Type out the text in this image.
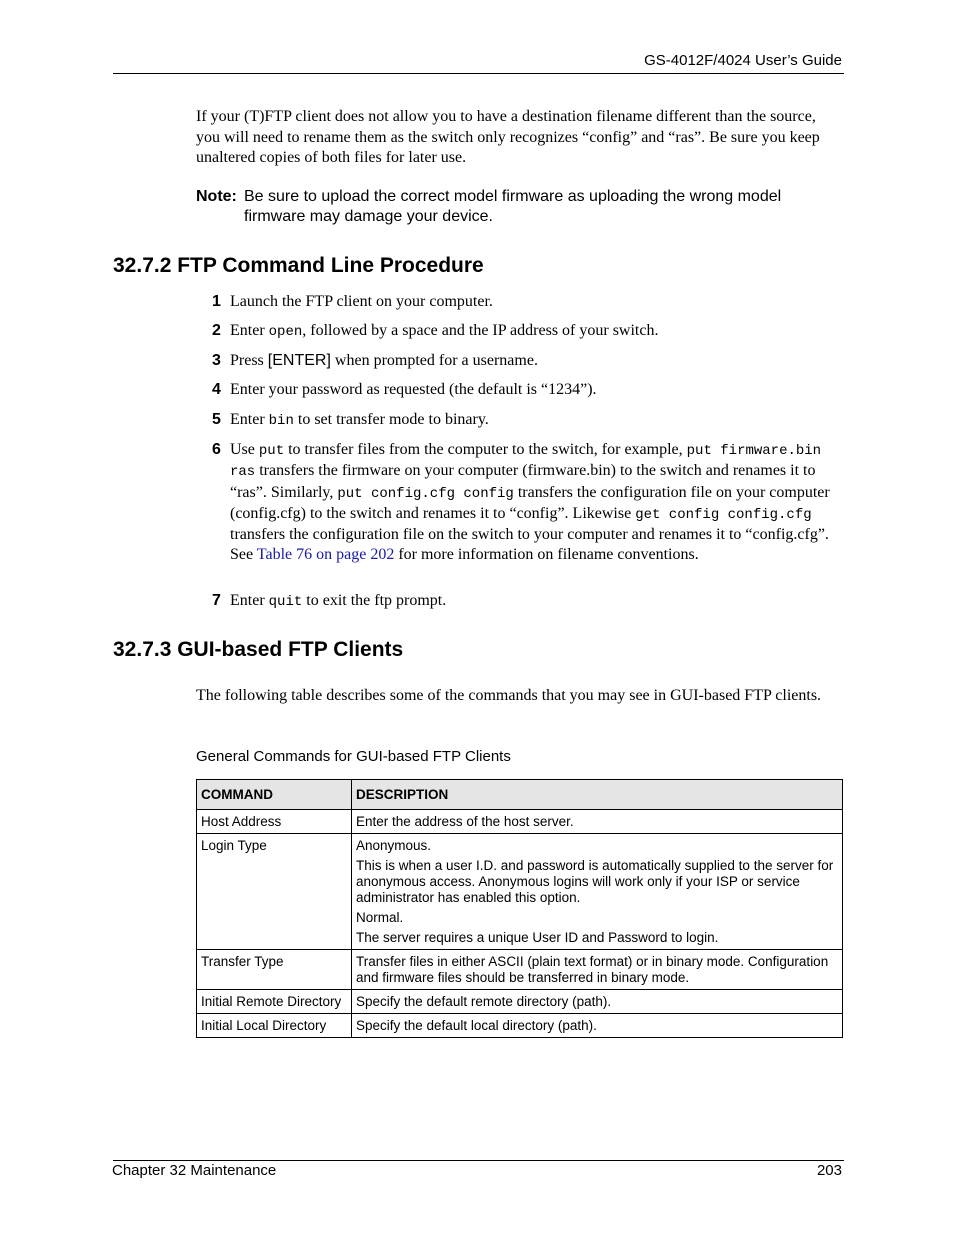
GS-4012F/4024 User’s Guide
If your (T)FTP client does not allow you to have a destination filename different than the source, you will need to rename them as the switch only recognizes “config” and “ras”. Be sure you keep unaltered copies of both files for later use.
Note: Be sure to upload the correct model firmware as uploading the wrong model firmware may damage your device.
32.7.2 FTP Command Line Procedure
1 Launch the FTP client on your computer.
2 Enter open, followed by a space and the IP address of your switch.
3 Press [ENTER] when prompted for a username.
4 Enter your password as requested (the default is “1234”).
5 Enter bin to set transfer mode to binary.
6 Use put to transfer files from the computer to the switch, for example, put firmware.bin ras transfers the firmware on your computer (firmware.bin) to the switch and renames it to “ras”. Similarly, put config.cfg config transfers the configuration file on your computer (config.cfg) to the switch and renames it to “config”. Likewise get config config.cfg transfers the configuration file on the switch to your computer and renames it to “config.cfg”. See Table 76 on page 202 for more information on filename conventions.
7 Enter quit to exit the ftp prompt.
32.7.3 GUI-based FTP Clients
The following table describes some of the commands that you may see in GUI-based FTP clients.
General Commands for GUI-based FTP Clients
COMMAND	DESCRIPTION
Host Address	Enter the address of the host server.

Login Type	Anonymous.
This is when a user I.D. and password is automatically supplied to the server for anonymous access. Anonymous logins will work only if your ISP or service administrator has enabled this option.
Normal.
The server requires a unique User ID and Password to login.

Transfer Type	Transfer files in either ASCII (plain text format) or in binary mode. Configuration and firmware files should be transferred in binary mode.

Initial Remote Directory	Specify the default remote directory (path).

Initial Local Directory	Specify the default local directory (path).
Chapter 32 Maintenance	203
